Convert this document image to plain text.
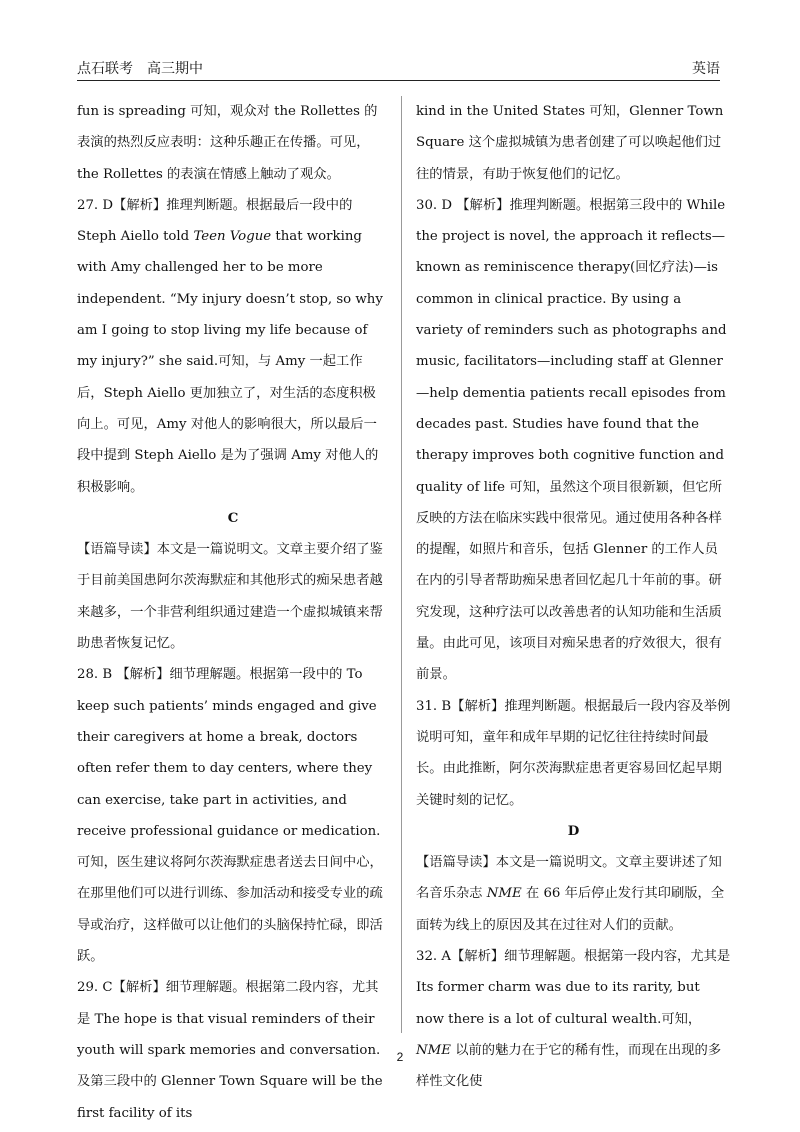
点石联考　高三期中	英语

fun is spreading 可知，观众对 the Rollettes 的表演的热烈反应表明：这种乐趣正在传播。可见，the Rollettes 的表演在情感上触动了观众。

27. D【解析】推理判断题。根据最后一段中的 Steph Aiello told Teen Vogue that working with Amy challenged her to be more independent. “My injury doesn’t stop, so why am I going to stop living my life because of my injury?” she said.可知，与 Amy 一起工作后，Steph Aiello 更加独立了，对生活的态度积极向上。可见，Amy 对他人的影响很大，所以最后一段中提到 Steph Aiello 是为了强调 Amy 对他人的积极影响。

C

【语篇导读】本文是一篇说明文。文章主要介绍了鉴于目前美国患阿尔茨海默症和其他形式的痴呆患者越来越多，一个非营利组织通过建造一个虚拟城镇来帮助患者恢复记忆。

28. B 【解析】细节理解题。根据第一段中的 To keep such patients’ minds engaged and give their caregivers at home a break, doctors often refer them to day centers, where they can exercise, take part in activities, and receive professional guidance or medication.可知，医生建议将阿尔茨海默症患者送去日间中心，在那里他们可以进行训练、参加活动和接受专业的疏导或治疗，这样做可以让他们的头脑保持忙碌，即活跃。

29. C【解析】细节理解题。根据第二段内容，尤其是 The hope is that visual reminders of their youth will spark memories and conversation.及第三段中的 Glenner Town Square will be the first facility of its

kind in the United States 可知，Glenner Town Square 这个虚拟城镇为患者创建了可以唤起他们过往的情景，有助于恢复他们的记忆。

30. D 【解析】推理判断题。根据第三段中的 While the project is novel, the approach it reflects—known as reminiscence therapy(回忆疗法)—is common in clinical practice. By using a variety of reminders such as photographs and music, facilitators—including staff at Glenner—help dementia patients recall episodes from decades past. Studies have found that the therapy improves both cognitive function and quality of life 可知，虽然这个项目很新颖，但它所反映的方法在临床实践中很常见。通过使用各种各样的提醒，如照片和音乐，包括 Glenner 的工作人员在内的引导者帮助痴呆患者回忆起几十年前的事。研究发现，这种疗法可以改善患者的认知功能和生活质量。由此可见，该项目对痴呆患者的疗效很大，很有前景。

31. B【解析】推理判断题。根据最后一段内容及举例说明可知，童年和成年早期的记忆往往持续时间最长。由此推断，阿尔茨海默症患者更容易回忆起早期关键时刻的记忆。

D

【语篇导读】本文是一篇说明文。文章主要讲述了知名音乐杂志 NME 在 66 年后停止发行其印刷版，全面转为线上的原因及其在过往对人们的贡献。

32. A【解析】细节理解题。根据第一段内容，尤其是 Its former charm was due to its rarity, but now there is a lot of cultural wealth.可知，NME 以前的魅力在于它的稀有性，而现在出现的多样性文化使

2
